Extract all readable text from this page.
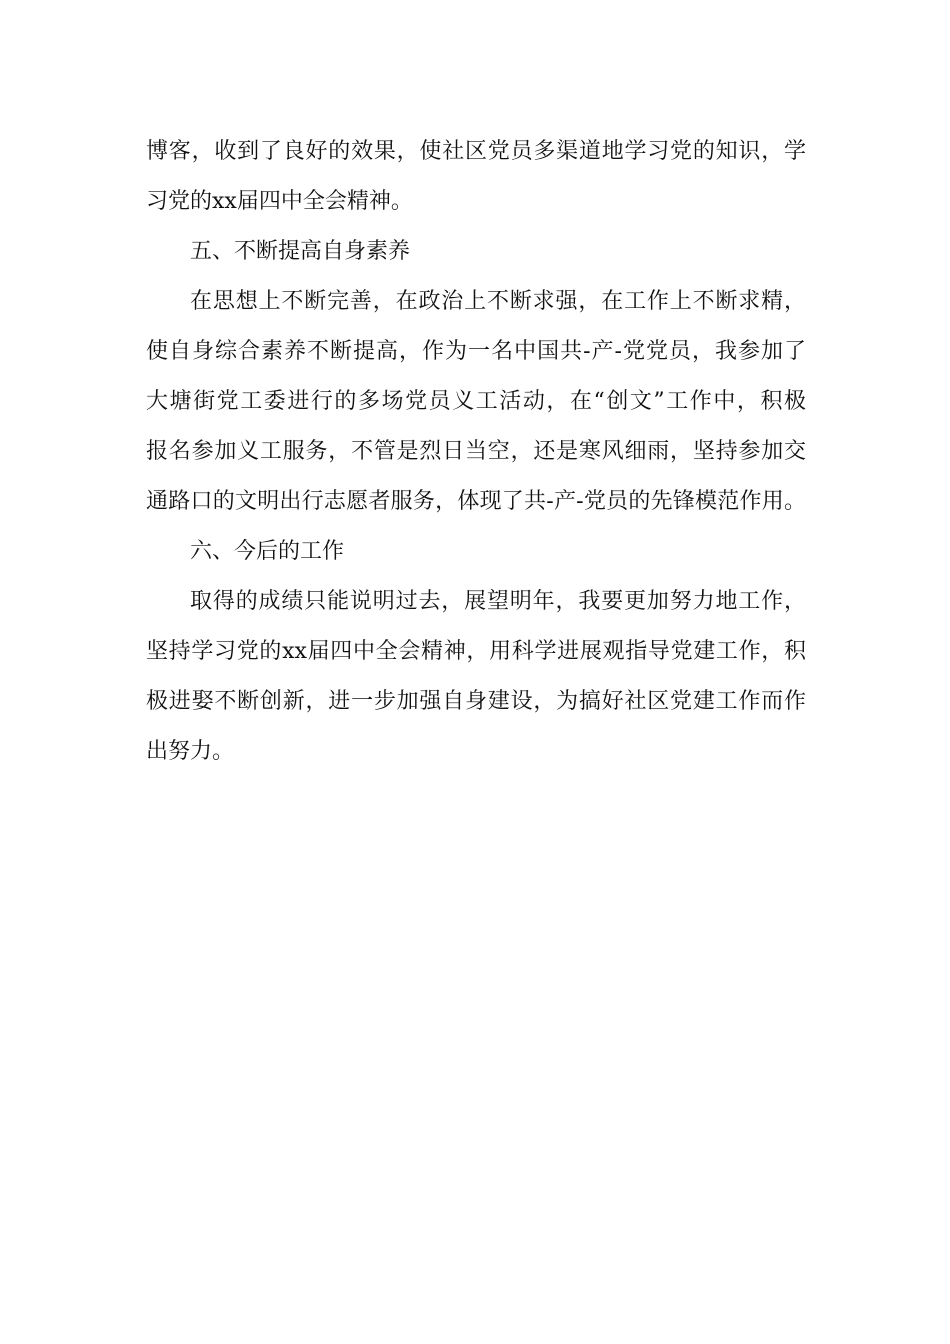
博客，收到了良好的效果，使社区党员多渠道地学习党的知识，学
习党的xx届四中全会精神。
五、不断提高自身素养
在思想上不断完善，在政治上不断求强，在工作上不断求精，
使自身综合素养不断提高，作为一名中国共-产-党党员，我参加了
大塘街党工委进行的多场党员义工活动，在“创文”工作中，积极
报名参加义工服务，不管是烈日当空，还是寒风细雨，坚持参加交
通路口的文明出行志愿者服务，体现了共-产-党员的先锋模范作用。
六、今后的工作
取得的成绩只能说明过去，展望明年，我要更加努力地工作，
坚持学习党的xx届四中全会精神，用科学进展观指导党建工作，积
极进娶不断创新，进一步加强自身建设，为搞好社区党建工作而作
出努力。
